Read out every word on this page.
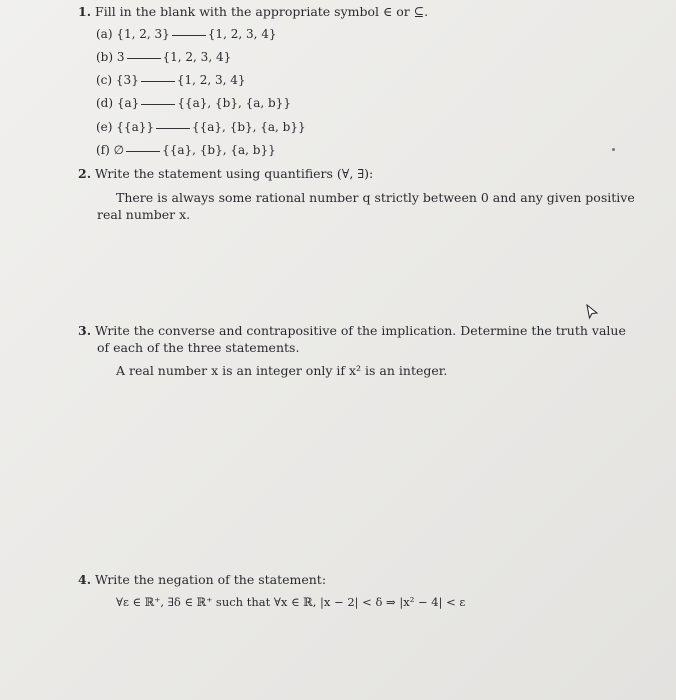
1. Fill in the blank with the appropriate symbol ∈ or ⊆.
(a) {1, 2, 3}	{1, 2, 3, 4}
(b) 3	{1, 2, 3, 4}
(c) {3}	{1, 2, 3, 4}
(d) {a}	{{a}, {b}, {a, b}}
(e) {{a}}	{{a}, {b}, {a, b}}
(f) ∅	{{a}, {b}, {a, b}}
2. Write the statement using quantifiers (∀, ∃):
There is always some rational number q strictly between 0 and any given positive
real number x.
3. Write the converse and contrapositive of the implication. Determine the truth value
of each of the three statements.
A real number x is an integer only if x² is an integer.
4. Write the negation of the statement:
∀ε ∈ ℝ⁺, ∃δ ∈ ℝ⁺ such that ∀x ∈ ℝ, |x − 2| < δ ⇒ |x² − 4| < ε
